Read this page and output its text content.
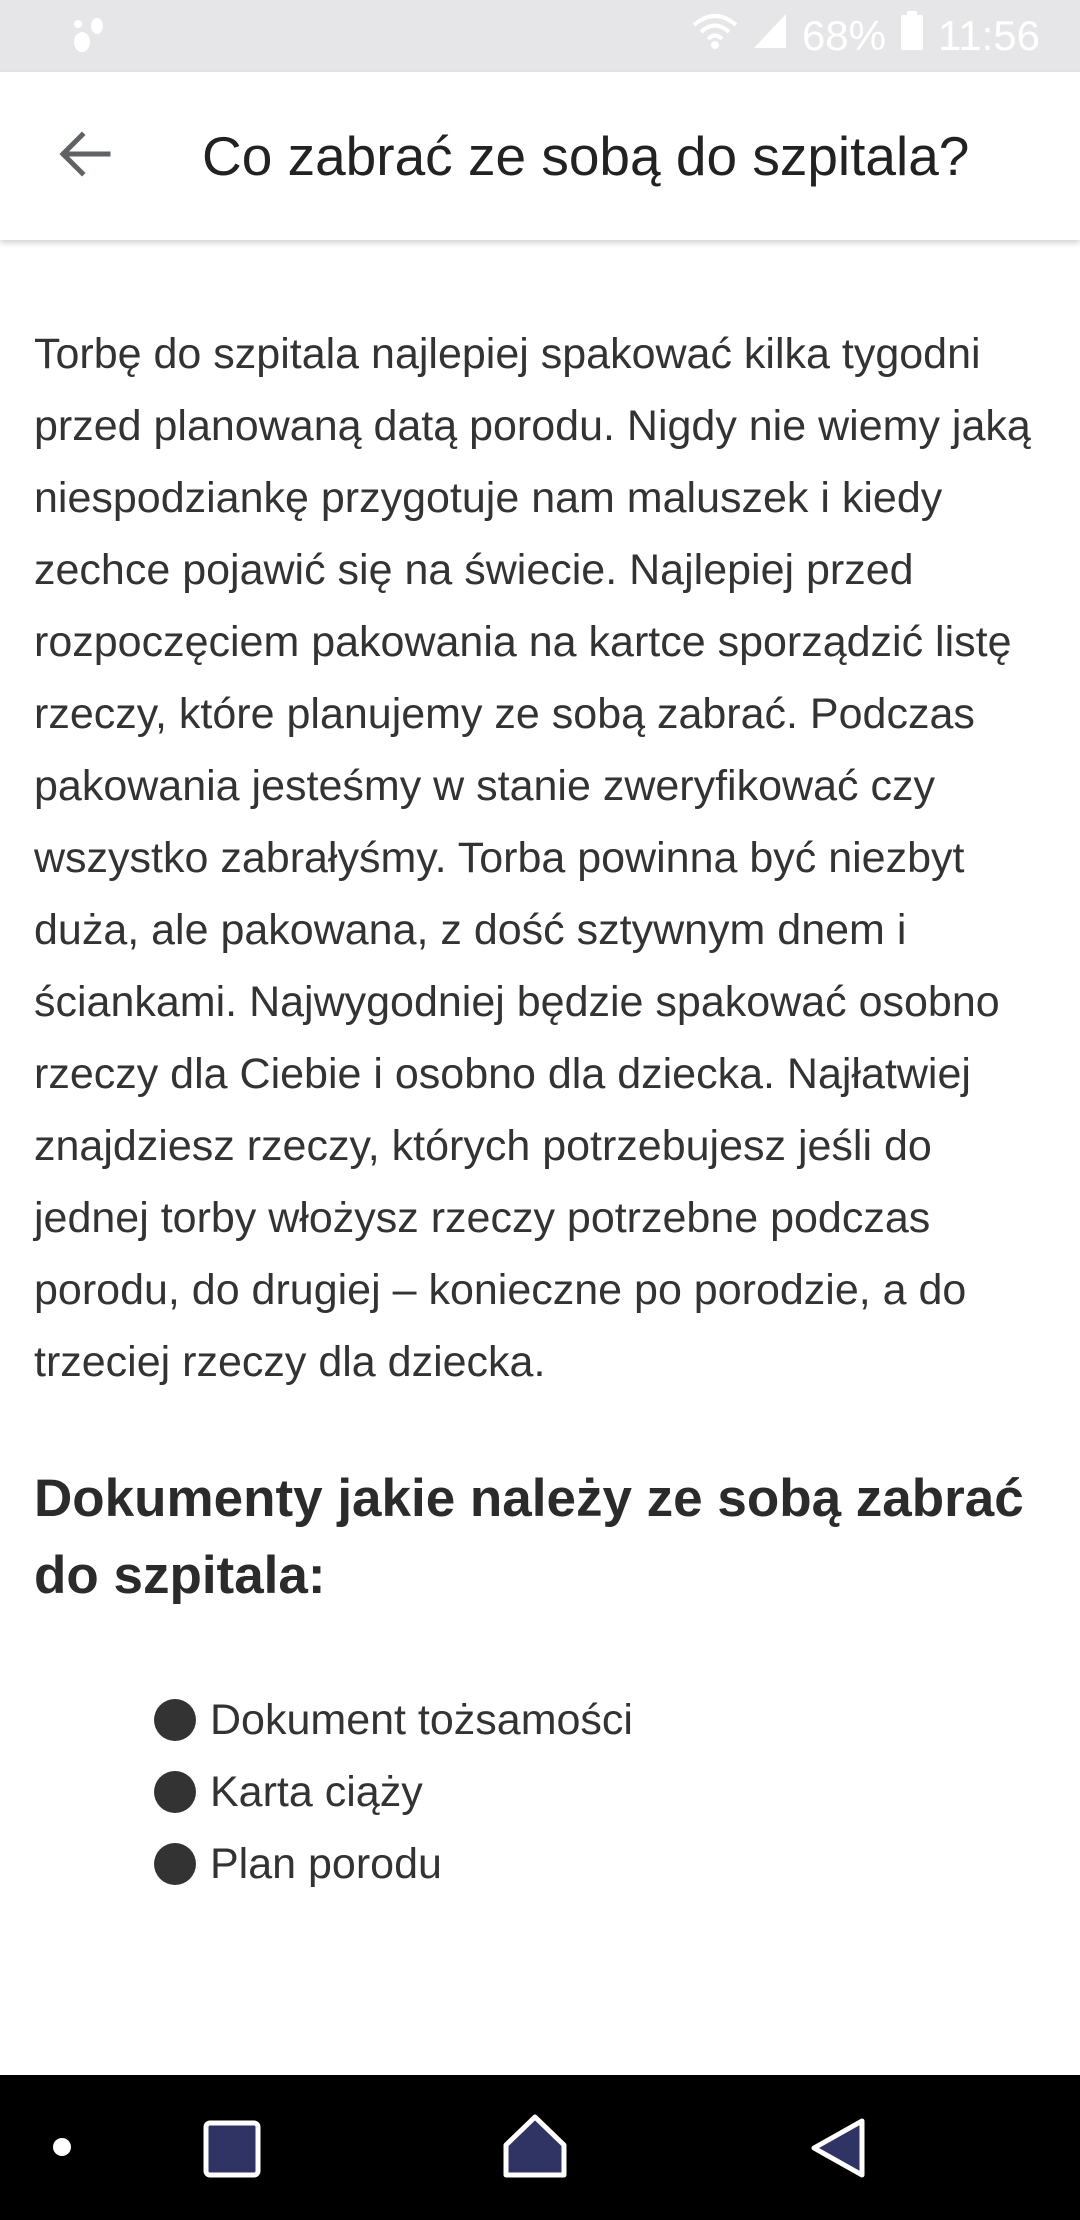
68% 11:56
Co zabrać ze sobą do szpitala?

Torbę do szpitala najlepiej spakować kilka tygodni przed planowaną datą porodu. Nigdy nie wiemy jaką niespodziankę przygotuje nam maluszek i kiedy zechce pojawić się na świecie. Najlepiej przed rozpoczęciem pakowania na kartce sporządzić listę rzeczy, które planujemy ze sobą zabrać. Podczas pakowania jesteśmy w stanie zweryfikować czy wszystko zabrałyśmy. Torba powinna być niezbyt duża, ale pakowana, z dość sztywnym dnem i ściankami. Najwygodniej będzie spakować osobno rzeczy dla Ciebie i osobno dla dziecka. Najłatwiej znajdziesz rzeczy, których potrzebujesz jeśli do jednej torby włożysz rzeczy potrzebne podczas porodu, do drugiej – konieczne po porodzie, a do trzeciej rzeczy dla dziecka.

Dokumenty jakie należy ze sobą zabrać do szpitala:
Dokument tożsamości
Karta ciąży
Plan porodu
